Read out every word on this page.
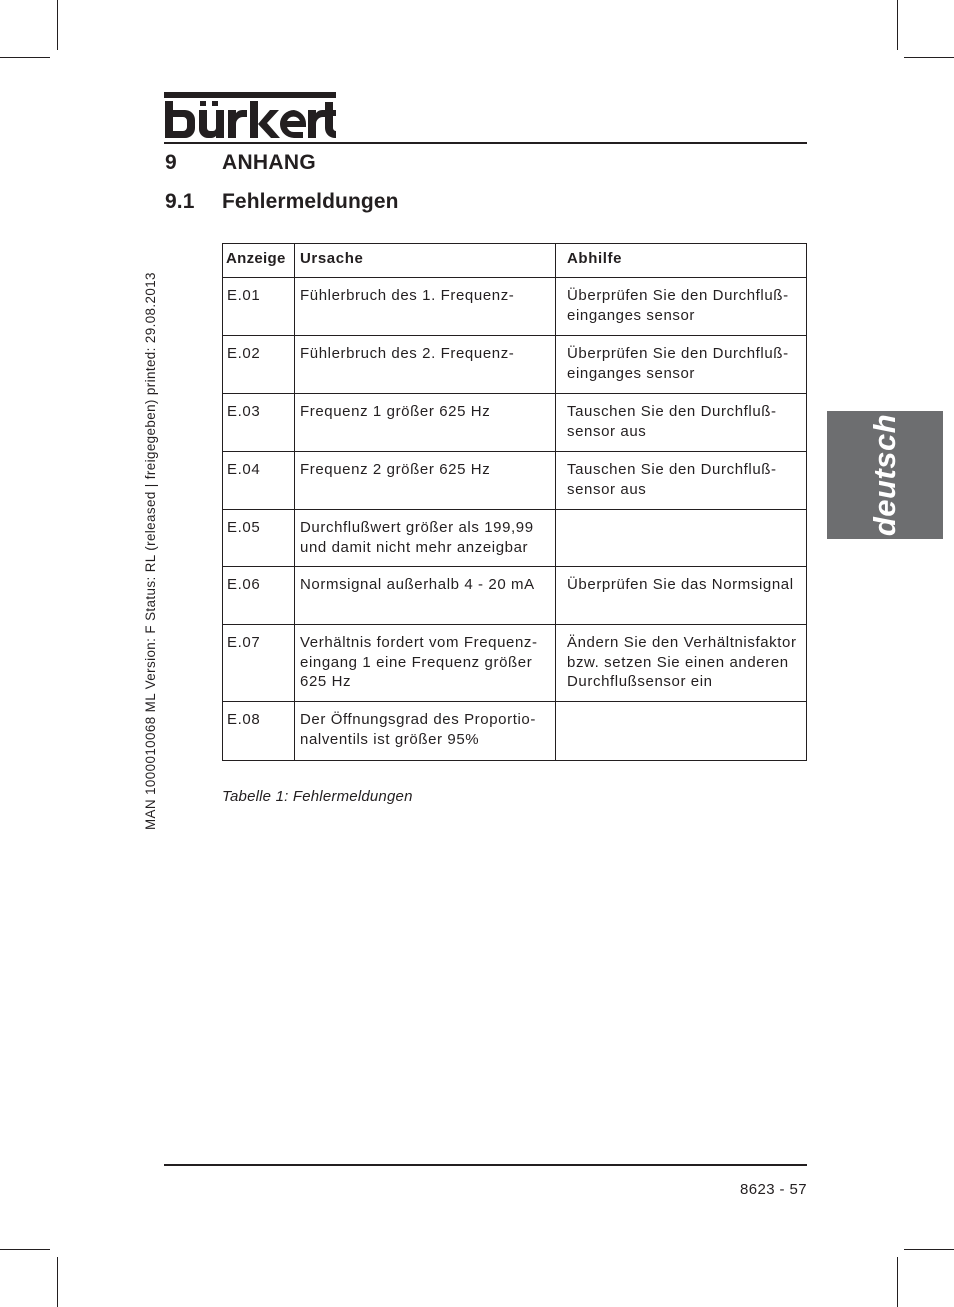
9 ANHANG
9.1 Fehlermeldungen
MAN 1000010068 ML Version: F Status: RL (released | freigegeben) printed: 29.08.2013	deutsch
Anzeige	Ursache	Abhilfe
E.01	Fühlerbruch des 1. Frequenz-	Überprüfen Sie den Durchfluß-
einganges sensor
E.02	Fühlerbruch des 2. Frequenz-	Überprüfen Sie den Durchfluß-
einganges sensor
E.03	Frequenz 1 größer 625 Hz	Tauschen Sie den Durchfluß-
sensor aus
E.04	Frequenz 2 größer 625 Hz	Tauschen Sie den Durchfluß-
sensor aus
E.05	Durchflußwert größer als 199,99
und damit nicht mehr anzeigbar	
E.06	Normsignal außerhalb 4 - 20 mA	Überprüfen Sie das Normsignal
E.07	Verhältnis fordert vom Frequenz-
eingang 1 eine Frequenz größer
625 Hz	Ändern Sie den Verhältnisfaktor
bzw. setzen Sie einen anderen
Durchflußsensor ein
E.08	Der Öffnungsgrad des Proportio-
nalventils ist größer 95%	
Tabelle 1: Fehlermeldungen
8623 - 57
